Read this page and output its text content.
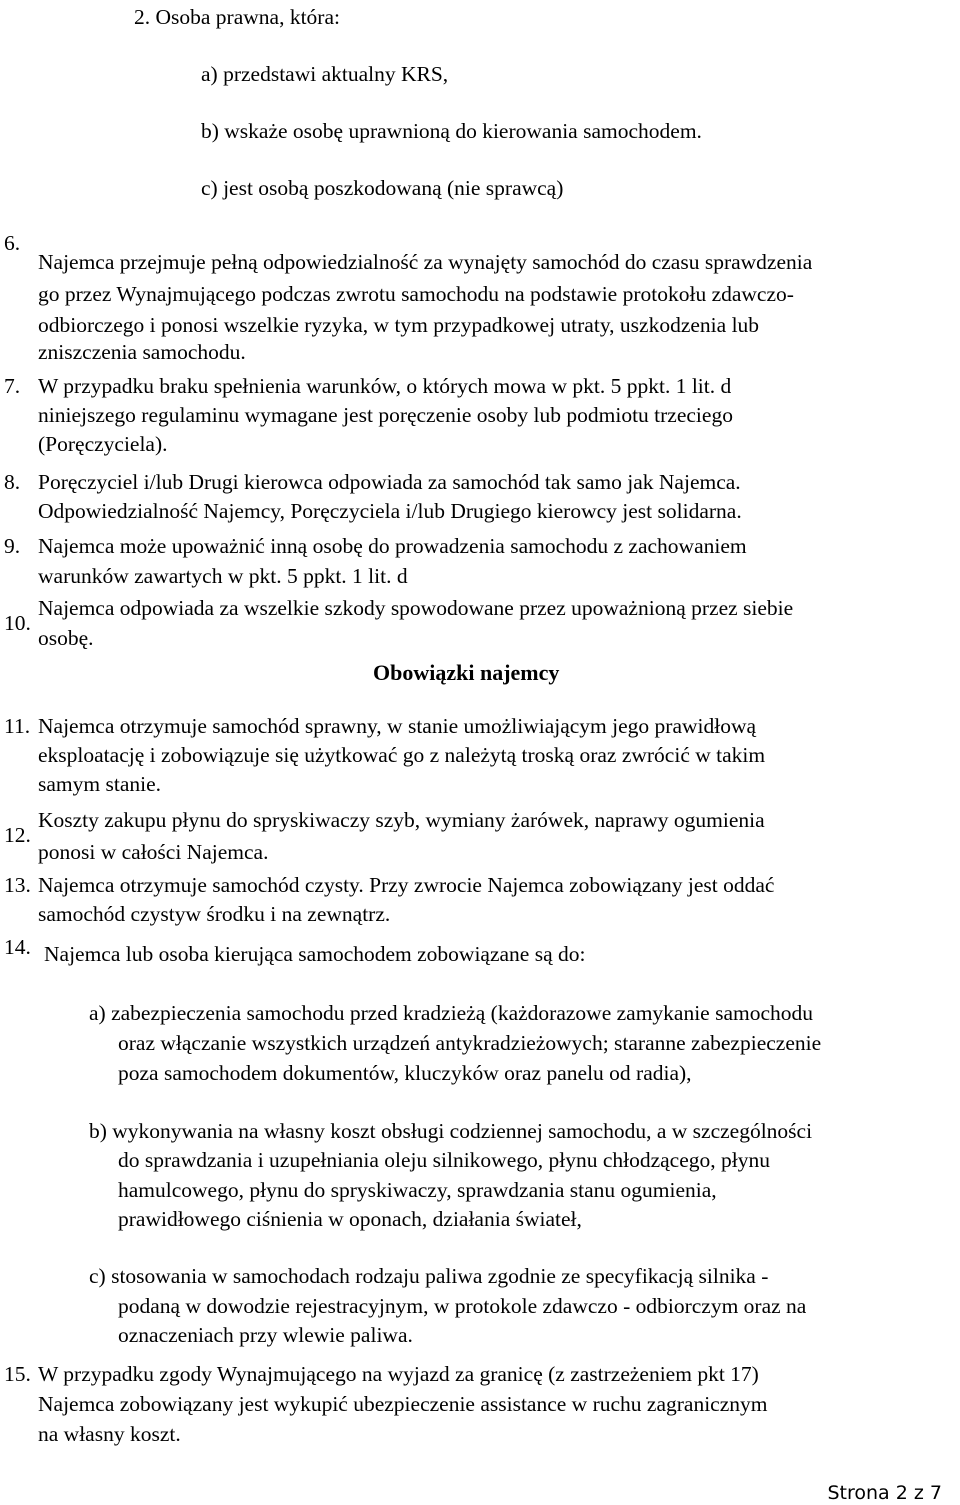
2. Osoba prawna, która:
a) przedstawi aktualny KRS,
b) wskaże osobę uprawnioną do kierowania samochodem.
c) jest osobą poszkodowaną (nie sprawcą)
6.
Najemca przejmuje pełną odpowiedzialność za wynajęty samochód do czasu sprawdzenia
go przez Wynajmującego podczas zwrotu samochodu na podstawie protokołu zdawczo-
odbiorczego i ponosi wszelkie ryzyka, w tym przypadkowej utraty, uszkodzenia lub
zniszczenia samochodu.
7. W przypadku braku spełnienia warunków, o których mowa w pkt. 5 ppkt. 1 lit. d
niniejszego regulaminu wymagane jest poręczenie osoby lub podmiotu trzeciego
(Poręczyciela).
8. Poręczyciel i/lub Drugi kierowca odpowiada za samochód tak samo jak Najemca.
Odpowiedzialność Najemcy, Poręczyciela i/lub Drugiego kierowcy jest solidarna.
9. Najemca może upoważnić inną osobę do prowadzenia samochodu z zachowaniem
warunków zawartych w pkt. 5 ppkt. 1 lit. d
10.
Najemca odpowiada za wszelkie szkody spowodowane przez upoważnioną przez siebie
osobę.
Obowiązki najemcy
11. Najemca otrzymuje samochód sprawny, w stanie umożliwiającym jego prawidłową
eksploatację i zobowiązuje się użytkować go z należytą troską oraz zwrócić w takim
samym stanie.
12.
Koszty zakupu płynu do spryskiwaczy szyb, wymiany żarówek, naprawy ogumienia
ponosi w całości Najemca.
13. Najemca otrzymuje samochód czysty. Przy zwrocie Najemca zobowiązany jest oddać
samochód czystyw środku i na zewnątrz.
14. Najemca lub osoba kierująca samochodem zobowiązane są do:
a) zabezpieczenia samochodu przed kradzieżą (każdorazowe zamykanie samochodu
oraz włączanie wszystkich urządzeń antykradzieżowych; staranne zabezpieczenie
poza samochodem dokumentów, kluczyków oraz panelu od radia),
b) wykonywania na własny koszt obsługi codziennej samochodu, a w szczególności
do sprawdzania i uzupełniania oleju silnikowego, płynu chłodzącego, płynu
hamulcowego, płynu do spryskiwaczy, sprawdzania stanu ogumienia,
prawidłowego ciśnienia w oponach, działania świateł,
c) stosowania w samochodach rodzaju paliwa zgodnie ze specyfikacją silnika -
podaną w dowodzie rejestracyjnym, w protokole zdawczo - odbiorczym oraz na
oznaczeniach przy wlewie paliwa.
15. W przypadku zgody Wynajmującego na wyjazd za granicę (z zastrzeżeniem pkt 17)
Najemca zobowiązany jest wykupić ubezpieczenie assistance w ruchu zagranicznym
na własny koszt.
Strona 2 z 7
